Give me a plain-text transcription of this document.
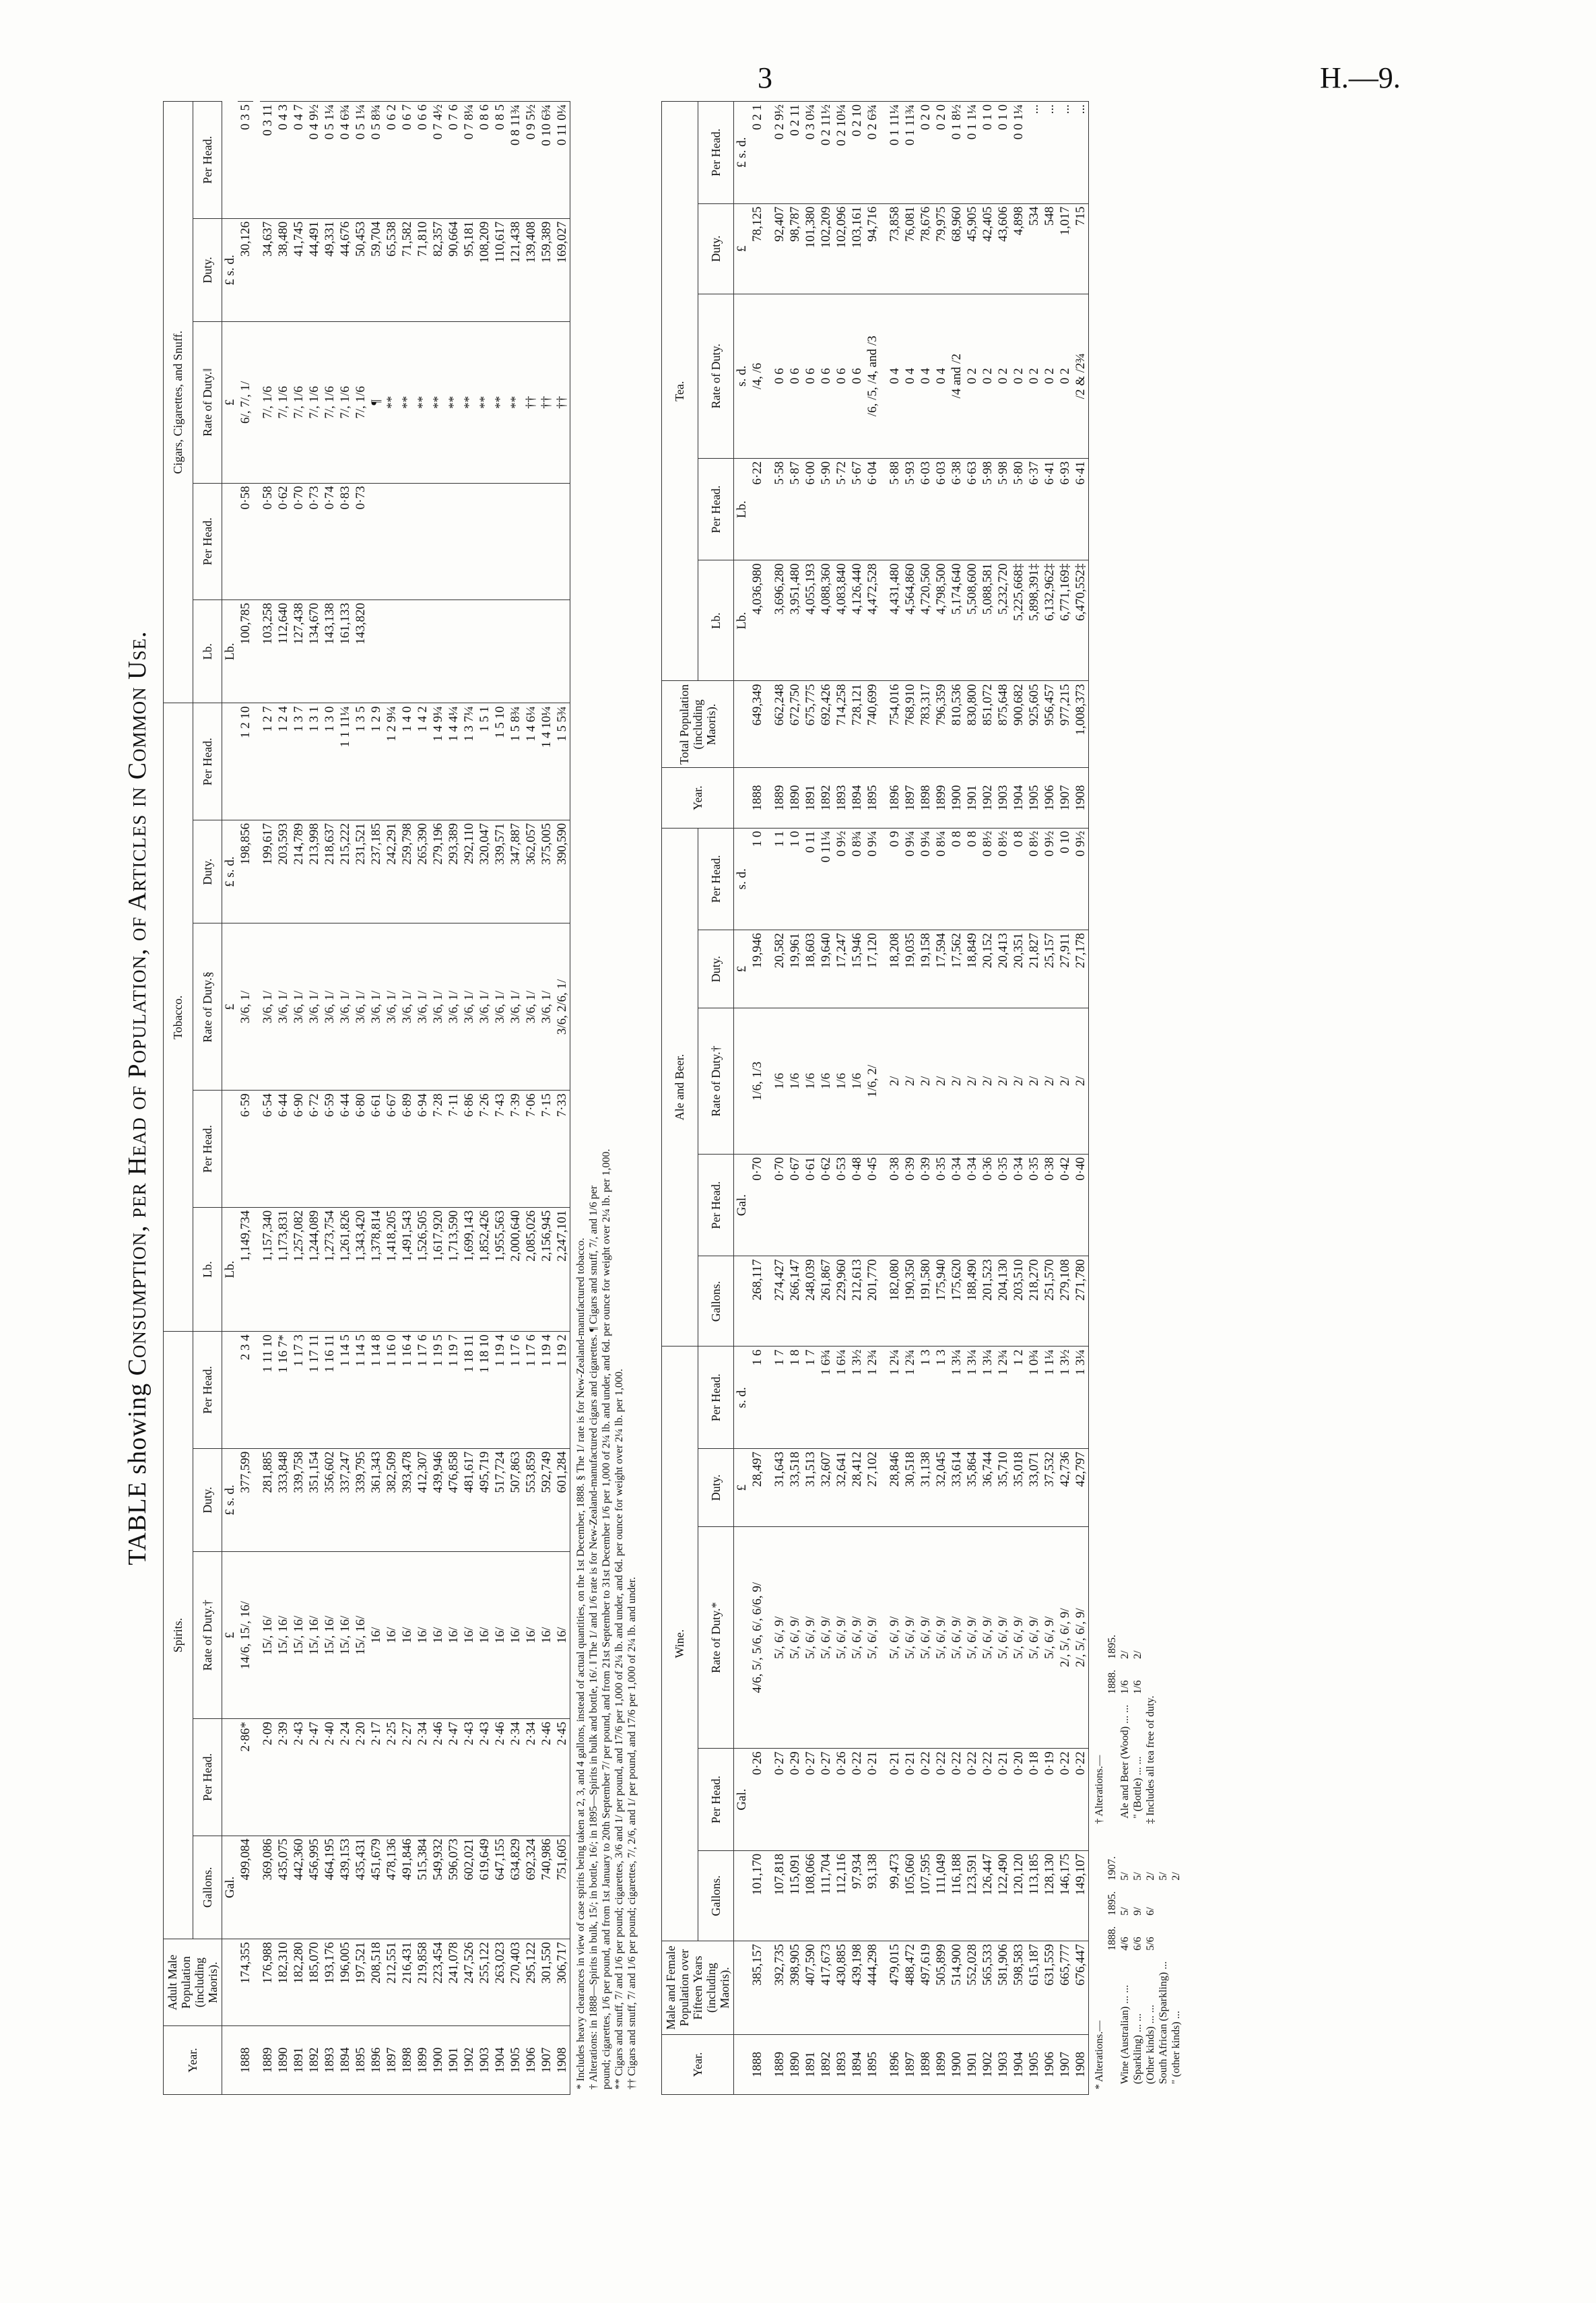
3	H.—9.
TABLE showing Consumption, per Head of Population, of Articles in Common Use.
Year.	Adult Male Population (including Maoris).	Spirits.					Tobacco.					Cigars, Cigarettes, and Snuff.				
		Gallons.	Per Head.	Rate of Duty.†	Duty.	Per Head.	Lb.	Per Head.	Rate of Duty.§	Duty.	Per Head.	Lb.	Per Head.	Rate of Duty.‖	Duty.	Per Head.
		Gal.		£	£ s. d.		Lb.		£	£ s. d.		Lb.		£	£ s. d.	
1888	174,355	499,084	2·86*	14/6, 15/, 16/	377,599	2 3 4	1,149,734	6·59	3/6, 1/	198,856	1 2 10	100,785	0·58	6/, 7/, 1/	30,126	0 3 5

1889	176,988	369,086	2·09	15/, 16/	281,885	1 11 10	1,157,340	6·54	3/6, 1/	199,617	1 2 7	103,258	0·58	7/, 1/6	34,637	0 3 11
1890	182,310	435,075	2·39	15/, 16/	333,848	1 16 7*	1,173,831	6·44	3/6, 1/	203,593	1 2 4	112,640	0·62	7/, 1/6	38,480	0 4 3
1891	182,280	442,360	2·43	15/, 16/	339,758	1 17 3	1,257,082	6·90	3/6, 1/	214,789	1 3 7	127,438	0·70	7/, 1/6	41,745	0 4 7
1892	185,070	456,995	2·47	15/, 16/	351,154	1 17 11	1,244,089	6·72	3/6, 1/	213,998	1 3 1	134,670	0·73	7/, 1/6	44,491	0 4 9½
1893	193,176	464,195	2·40	15/, 16/	356,602	1 16 11	1,273,754	6·59	3/6, 1/	218,637	1 3 0	143,138	0·74	7/, 1/6	49,331	0 5 1¼
1894	196,005	439,153	2·24	15/, 16/	337,247	1 14 5	1,261,826	6·44	3/6, 1/	215,222	1 1 11¼	161,133	0·83	7/, 1/6	44,676	0 4 6¾
1895	197,521	435,431	2·20	15/, 16/	339,795	1 14 5	1,343,420	6·80	3/6, 1/	231,521	1 3 5	143,820	0·73	7/, 1/6	50,453	0 5 1¼
1896	208,518	451,679	2·17	16/	361,343	1 14 8	1,378,814	6·61	3/6, 1/	237,185	1 2 9			¶	59,704	0 5 8¾
1897	212,551	478,136	2·25	16/	382,509	1 16 0	1,418,205	6·67	3/6, 1/	242,291	1 2 9¼			**	65,538	0 6 2
1898	216,431	491,846	2·27	16/	393,478	1 16 4	1,491,543	6·89	3/6, 1/	259,798	1 4 0			**	71,582	0 6 7
1899	219,858	515,384	2·34	16/	412,307	1 17 6	1,526,505	6·94	3/6, 1/	265,390	1 4 2			**	71,810	0 6 6
1900	223,454	549,932	2·46	16/	439,946	1 19 5	1,617,920	7·28	3/6, 1/	279,196	1 4 9¼			**	82,357	0 7 4½
1901	241,078	596,073	2·47	16/	476,858	1 19 7	1,713,590	7·11	3/6, 1/	293,389	1 4 4¼			**	90,664	0 7 6
1902	247,526	602,021	2·43	16/	481,617	1 18 11	1,699,143	6·86	3/6, 1/	292,110	1 3 7¼			**	95,181	0 7 8¼
1903	255,122	619,649	2·43	16/	495,719	1 18 10	1,852,426	7·26	3/6, 1/	320,047	1 5 1			**	108,209	0 8 6
1904	263,023	647,155	2·46	16/	517,724	1 19 4	1,955,563	7·43	3/6, 1/	339,571	1 5 10			**	110,617	0 8 5
1905	270,403	634,829	2·34	16/	507,863	1 17 6	2,000,640	7·39	3/6, 1/	347,887	1 5 8¾			**	121,438	0 8 11¾
1906	295,122	692,324	2·34	16/	553,859	1 17 6	2,085,026	7·06	3/6, 1/	362,057	1 4 6¼			††	139,408	0 9 5½
1907	301,550	740,986	2·46	16/	592,749	1 19 4	2,156,945	7·15	3/6, 1/	375,005	1 4 10¼			††	159,389	0 10 6¾
1908	306,717	751,605	2·45	16/	601,284	1 19 2	2,247,101	7·33	3/6, 2/6, 1/	390,590	1 5 5¾			††	169,027	0 11 0¼
* Includes heavy clearances in view of case spirits being taken at 2, 3, and 4 gallons, instead of actual quantities, on the 1st December, 1888. § The 1/ rate is for New-Zealand-manufactured tobacco. † Alterations: in 1888—Spirits in bulk, 15/; in bottle, 16/; in 1895—Spirits in bulk and bottle, 16/. ‖ The 1/ and 1/6 rate is for New-Zealand-manufactured cigars and cigarettes. ¶ Cigars and snuff, 7/, and 1/6 per pound; cigarettes, 1/6 per pound, and from 1st January to 20th September 7/ per pound, and from 21st September to 31st December 1/6 per 1,000 of 2¼ lb. and under, and 6d. per ounce for weight over 2¼ lb. per 1,000. ** Cigars and snuff, 7/ and 1/6 per pound; cigarettes, 3/6 and 1/ per pound, and 17/6 per 1,000 of 2¼ lb. and under, and 6d. per ounce for weight over 2¼ lb. per 1,000. †† Cigars and snuff, 7/ and 1/6 per pound; cigarettes, 7/, 2/6, and 1/ per pound, and 17/6 per 1,000 of 2¼ lb. and under.	Year.	Male and Female Population over Fifteen Years (including Maoris).	Wine.					Ale and Beer.					Year.	Total Population (including Maoris).	Tea.				
		Gallons.	Per Head.	Rate of Duty.*	Duty.	Per Head.	Gallons.	Per Head.	Rate of Duty.†	Duty.	Per Head.			Lb.	Per Head.	Rate of Duty.	Duty.	Per Head.
			Gal.		£	s. d.		Gal.		£	s. d.			Lb.	Lb.	s. d.	£	£ s. d.
1888	385,157	101,170	0·26	4/6, 5/, 5/6, 6/, 6/6, 9/	28,497	1 6	268,117	0·70	1/6, 1/3	19,946	1 0	1888	649,349	4,036,980	6·22	/4, /6	78,125	0 2 1

1889	392,735	107,818	0·27	5/, 6/, 9/	31,643	1 7	274,427	0·70	1/6	20,582	1 1	1889	662,248	3,696,280	5·58	0 6	92,407	0 2 9½
1890	398,905	115,091	0·29	5/, 6/, 9/	33,518	1 8	266,147	0·67	1/6	19,961	1 0	1890	672,750	3,951,480	5·87	0 6	98,787	0 2 11
1891	407,590	108,066	0·27	5/, 6/, 9/	31,513	1 7	248,039	0·61	1/6	18,603	0 11	1891	675,775	4,055,193	6·00	0 6	101,380	0 3 0¼
1892	417,673	111,704	0·27	5/, 6/, 9/	32,607	1 6¾	261,867	0·62	1/6	19,640	0 11¼	1892	692,426	4,088,360	5·90	0 6	102,209	0 2 11½
1893	430,885	112,116	0·26	5/, 6/, 9/	32,641	1 6¼	229,960	0·53	1/6	17,247	0 9½	1893	714,258	4,083,840	5·72	0 6	102,096	0 2 10¼
1894	439,198	97,934	0·22	5/, 6/, 9/	28,412	1 3½	212,613	0·48	1/6	15,946	0 8¾	1894	728,121	4,126,440	5·67	0 6	103,161	0 2 10
1895	444,298	93,138	0·21	5/, 6/, 9/	27,102	1 2¾	201,770	0·45	1/6, 2/	17,120	0 9¼	1895	740,699	4,472,528	6·04	/6, /5, /4, and /3	94,716	0 2 6¾

1896	479,015	99,473	0·21	5/, 6/, 9/	28,846	1 2¼	182,080	0·38	2/	18,208	0 9	1896	754,016	4,431,480	5·88	0 4	73,858	0 1 11¼
1897	488,472	105,060	0·21	5/, 6/, 9/	30,518	1 2¾	190,350	0·39	2/	19,035	0 9¼	1897	768,910	4,564,860	5·93	0 4	76,081	0 1 11¾
1898	497,619	107,595	0·22	5/, 6/, 9/	31,138	1 3	191,580	0·39	2/	19,158	0 9¼	1898	783,317	4,720,560	6·03	0 4	78,676	0 2 0
1899	505,899	111,049	0·22	5/, 6/, 9/	32,045	1 3	175,940	0·35	2/	17,594	0 8¼	1899	796,359	4,798,500	6·03	0 4	79,975	0 2 0
1900	514,900	116,188	0·22	5/, 6/, 9/	33,614	1 3¼	175,620	0·34	2/	17,562	0 8	1900	810,536	5,174,640	6·38	/4 and /2	68,960	0 1 8½
1901	552,028	123,591	0·22	5/, 6/, 9/	35,864	1 3¼	188,490	0·34	2/	18,849	0 8	1901	830,800	5,508,600	6·63	0 2	45,905	0 1 1¼
1902	565,533	126,447	0·22	5/, 6/, 9/	36,744	1 3¼	201,523	0·36	2/	20,152	0 8½	1902	851,072	5,088,581	5·98	0 2	42,405	0 1 0
1903	581,906	122,490	0·21	5/, 6/, 9/	35,710	1 2¾	204,130	0·35	2/	20,413	0 8½	1903	875,648	5,232,720	5·98	0 2	43,606	0 1 0
1904	598,583	120,120	0·20	5/, 6/, 9/	35,018	1 2	203,510	0·34	2/	20,351	0 8	1904	900,682	5,225,668‡	5·80	0 2	4,898	0 0 1¼
1905	615,187	113,185	0·18	5/, 6/, 9/	33,071	1 0¾	218,270	0·35	2/	21,827	0 8½	1905	925,605	5,898,391‡	6·37	0 2	534	...
1906	631,559	128,130	0·19	5/, 6/, 9/	37,532	1 1¼	251,570	0·38	2/	25,157	0 9½	1906	956,457	6,132,962‡	6·41	0 2	548	...
1907	665,777	146,175	0·22	2/, 5/, 6/, 9/	42,736	1 3½	279,108	0·42	2/	27,911	0 10	1907	977,215	6,771,169‡	6·93	0 2	1,017	...
1908	676,447	149,107	0·22	2/, 5/, 6/, 9/	42,797	1 3¼	271,780	0·40	2/	27,178	0 9½	1908	1,008,373	6,470,552‡	6·41	/2 & /2¾	715	...
* Alterations.—
	1888.	1895.	1907.
Wine (Australian) ... ...	4/6	5/	5/
(Sparkling) ... ...	6/6	9/	5/
(Other kinds) ... ...	5/6	6/	2/
South African (Sparkling) ...			5/
" (other kinds) ...			2/
† Alterations.—
	1888.	1895.
Ale and Beer (Wood) ... ...	1/6	2/
" (Bottle) ... ...	1/6	2/
‡ Includes all tea free of duty.
